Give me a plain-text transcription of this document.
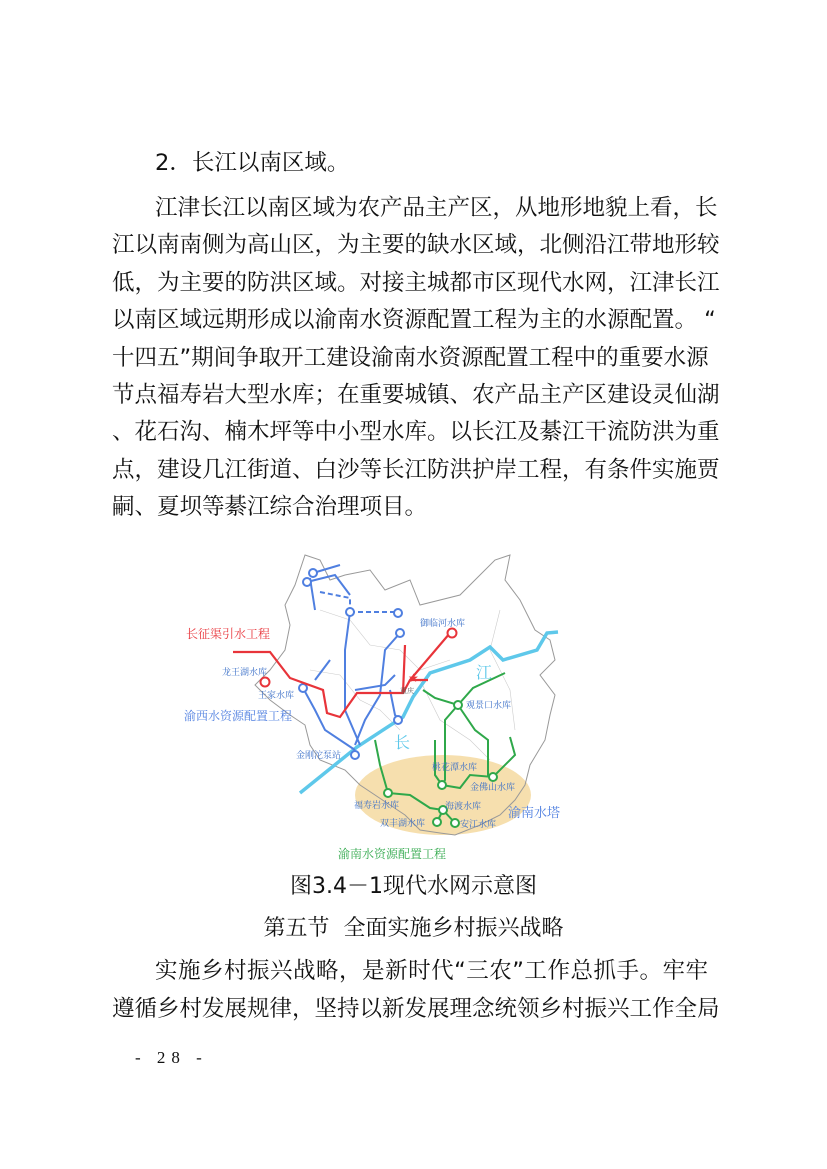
2．长江以南区域。
江津长江以南区域为农产品主产区，从地形地貌上看，长
江以南南侧为高山区，为主要的缺水区域，北侧沿江带地形较
低，为主要的防洪区域。对接主城都市区现代水网，江津长江
以南区域远期形成以渝南水资源配置工程为主的水源配置。 “
十四五”期间争取开工建设渝南水资源配置工程中的重要水源
节点福寿岩大型水库；在重要城镇、农产品主产区建设灵仙湖
、花石沟、楠木坪等中小型水库。以长江及綦江干流防洪为重
点，建设几江街道、白沙等长江防洪护岸工程，有条件实施贾
嗣、夏坝等綦江综合治理项目。
★
长征渠引水工程
渝西水资源配置工程
渝南水资源配置工程
渝南水塔
御临河水库
龙王湖水库
王家水库
金刚沱泵站
观景口水库
桃花潭水库
金佛山水库
福寿岩水库	海渡水库
双丰湖水库	安江水库
江
长
重庆
图3.4－1现代水网示意图
第五节  全面实施乡村振兴战略
实施乡村振兴战略，是新时代“三农”工作总抓手。牢牢
遵循乡村发展规律，坚持以新发展理念统领乡村振兴工作全局
- 28 -
